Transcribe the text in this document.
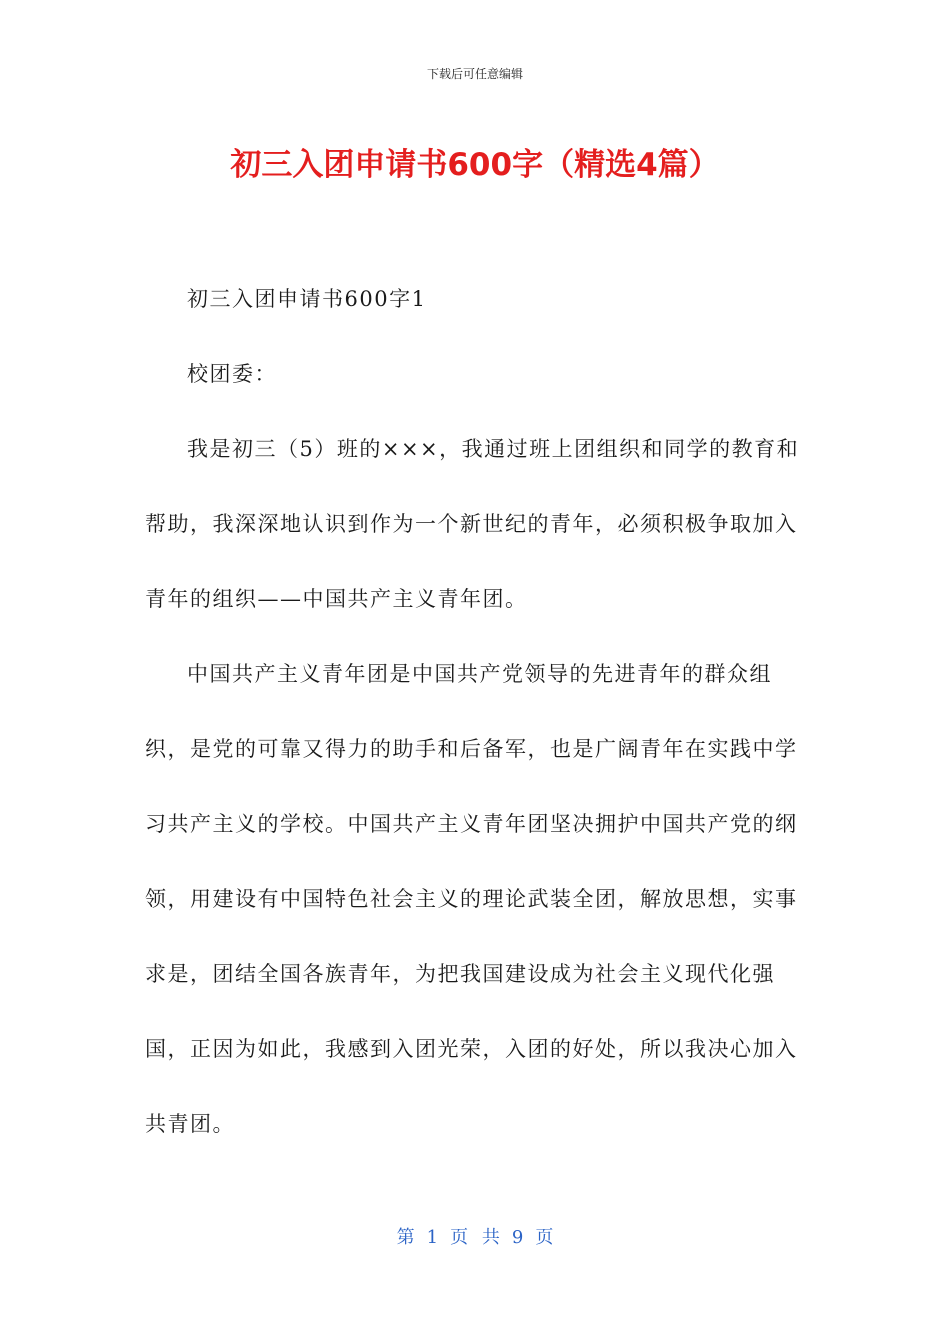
下载后可任意编辑
初三入团申请书600字（精选4篇）

初三入团申请书600字1

校团委：

我是初三（5）班的×××，我通过班上团组织和同学的教育和帮助，我深深地认识到作为一个新世纪的青年，必须积极争取加入青年的组织——中国共产主义青年团。

中国共产主义青年团是中国共产党领导的先进青年的群众组织，是党的可靠又得力的助手和后备军，也是广阔青年在实践中学习共产主义的学校。中国共产主义青年团坚决拥护中国共产党的纲领，用建设有中国特色社会主义的理论武装全团，解放思想，实事求是，团结全国各族青年，为把我国建设成为社会主义现代化强国，正因为如此，我感到入团光荣，入团的好处，所以我决心加入共青团。

第 1 页 共 9 页
